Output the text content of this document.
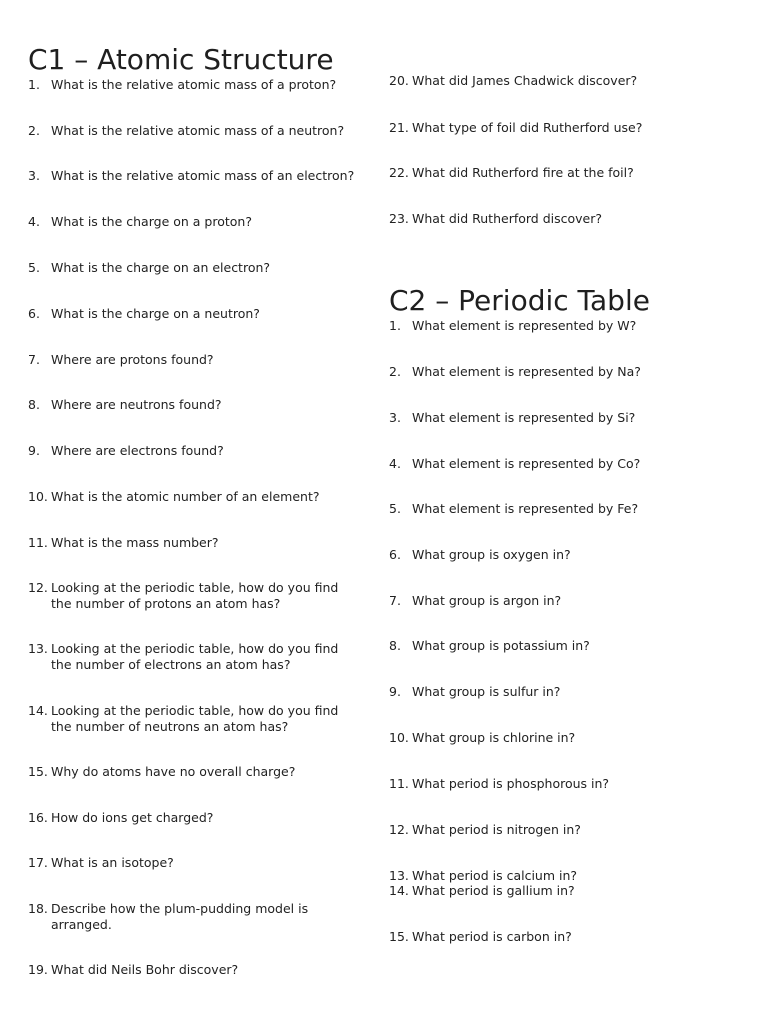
C1 – Atomic Structure
1. What is the relative atomic mass of a proton?
2. What is the relative atomic mass of a neutron?
3. What is the relative atomic mass of an electron?
4. What is the charge on a proton?
5. What is the charge on an electron?
6. What is the charge on a neutron?
7. Where are protons found?
8. Where are neutrons found?
9. Where are electrons found?
10. What is the atomic number of an element?
11. What is the mass number?
12. Looking at the periodic table, how do you find the number of protons an atom has?
13. Looking at the periodic table, how do you find the number of electrons an atom has?
14. Looking at the periodic table, how do you find the number of neutrons an atom has?
15. Why do atoms have no overall charge?
16. How do ions get charged?
17. What is an isotope?
18. Describe how the plum-pudding model is arranged.
19. What did Neils Bohr discover?
20. What did James Chadwick discover?
21. What type of foil did Rutherford use?
22. What did Rutherford fire at the foil?
23. What did Rutherford discover?
C2 – Periodic Table
1. What element is represented by W?
2. What element is represented by Na?
3. What element is represented by Si?
4. What element is represented by Co?
5. What element is represented by Fe?
6. What group is oxygen in?
7. What group is argon in?
8. What group is potassium in?
9. What group is sulfur in?
10. What group is chlorine in?
11. What period is phosphorous in?
12. What period is nitrogen in?
13. What period is calcium in?
14. What period is gallium in?
15. What period is carbon in?
